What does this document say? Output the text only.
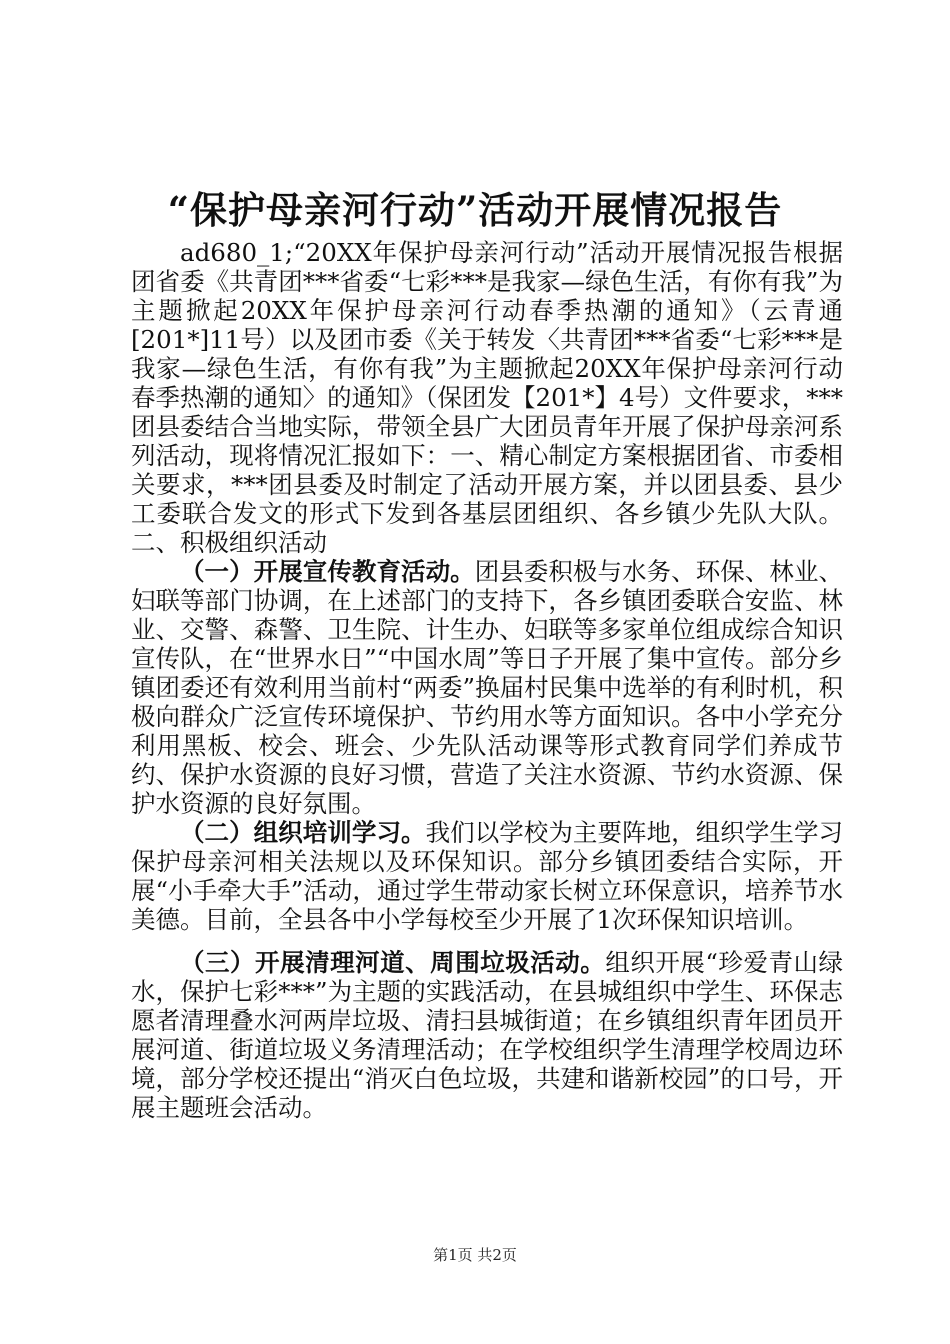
“保护母亲河行动”活动开展情况报告

ad680_1;“20XX年保护母亲河行动”活动开展情况报告根据团省委《共青团***省委“七彩***是我家—绿色生活，有你有我”为主题掀起20XX年保护母亲河行动春季热潮的通知》（云青通[201*]11号）以及团市委《关于转发〈共青团***省委“七彩***是我家—绿色生活，有你有我”为主题掀起20XX年保护母亲河行动春季热潮的通知〉的通知》（保团发【201*】4号）文件要求，***团县委结合当地实际，带领全县广大团员青年开展了保护母亲河系列活动，现将情况汇报如下：一、精心制定方案根据团省、市委相关要求，***团县委及时制定了活动开展方案，并以团县委、县少工委联合发文的形式下发到各基层团组织、各乡镇少先队大队。二、积极组织活动

（一）开展宣传教育活动。团县委积极与水务、环保、林业、妇联等部门协调，在上述部门的支持下，各乡镇团委联合安监、林业、交警、森警、卫生院、计生办、妇联等多家单位组成综合知识宣传队，在“世界水日”“中国水周”等日子开展了集中宣传。部分乡镇团委还有效利用当前村“两委”换届村民集中选举的有利时机，积极向群众广泛宣传环境保护、节约用水等方面知识。各中小学充分利用黑板、校会、班会、少先队活动课等形式教育同学们养成节约、保护水资源的良好习惯，营造了关注水资源、节约水资源、保护水资源的良好氛围。

（二）组织培训学习。我们以学校为主要阵地，组织学生学习保护母亲河相关法规以及环保知识。部分乡镇团委结合实际，开展“小手牵大手”活动，通过学生带动家长树立环保意识，培养节水美德。目前，全县各中小学每校至少开展了1次环保知识培训。

（三）开展清理河道、周围垃圾活动。组织开展“珍爱青山绿水，保护七彩***”为主题的实践活动，在县城组织中学生、环保志愿者清理叠水河两岸垃圾、清扫县城街道；在乡镇组织青年团员开展河道、街道垃圾义务清理活动；在学校组织学生清理学校周边环境，部分学校还提出“消灭白色垃圾，共建和谐新校园”的口号，开展主题班会活动。

第1页 共2页
